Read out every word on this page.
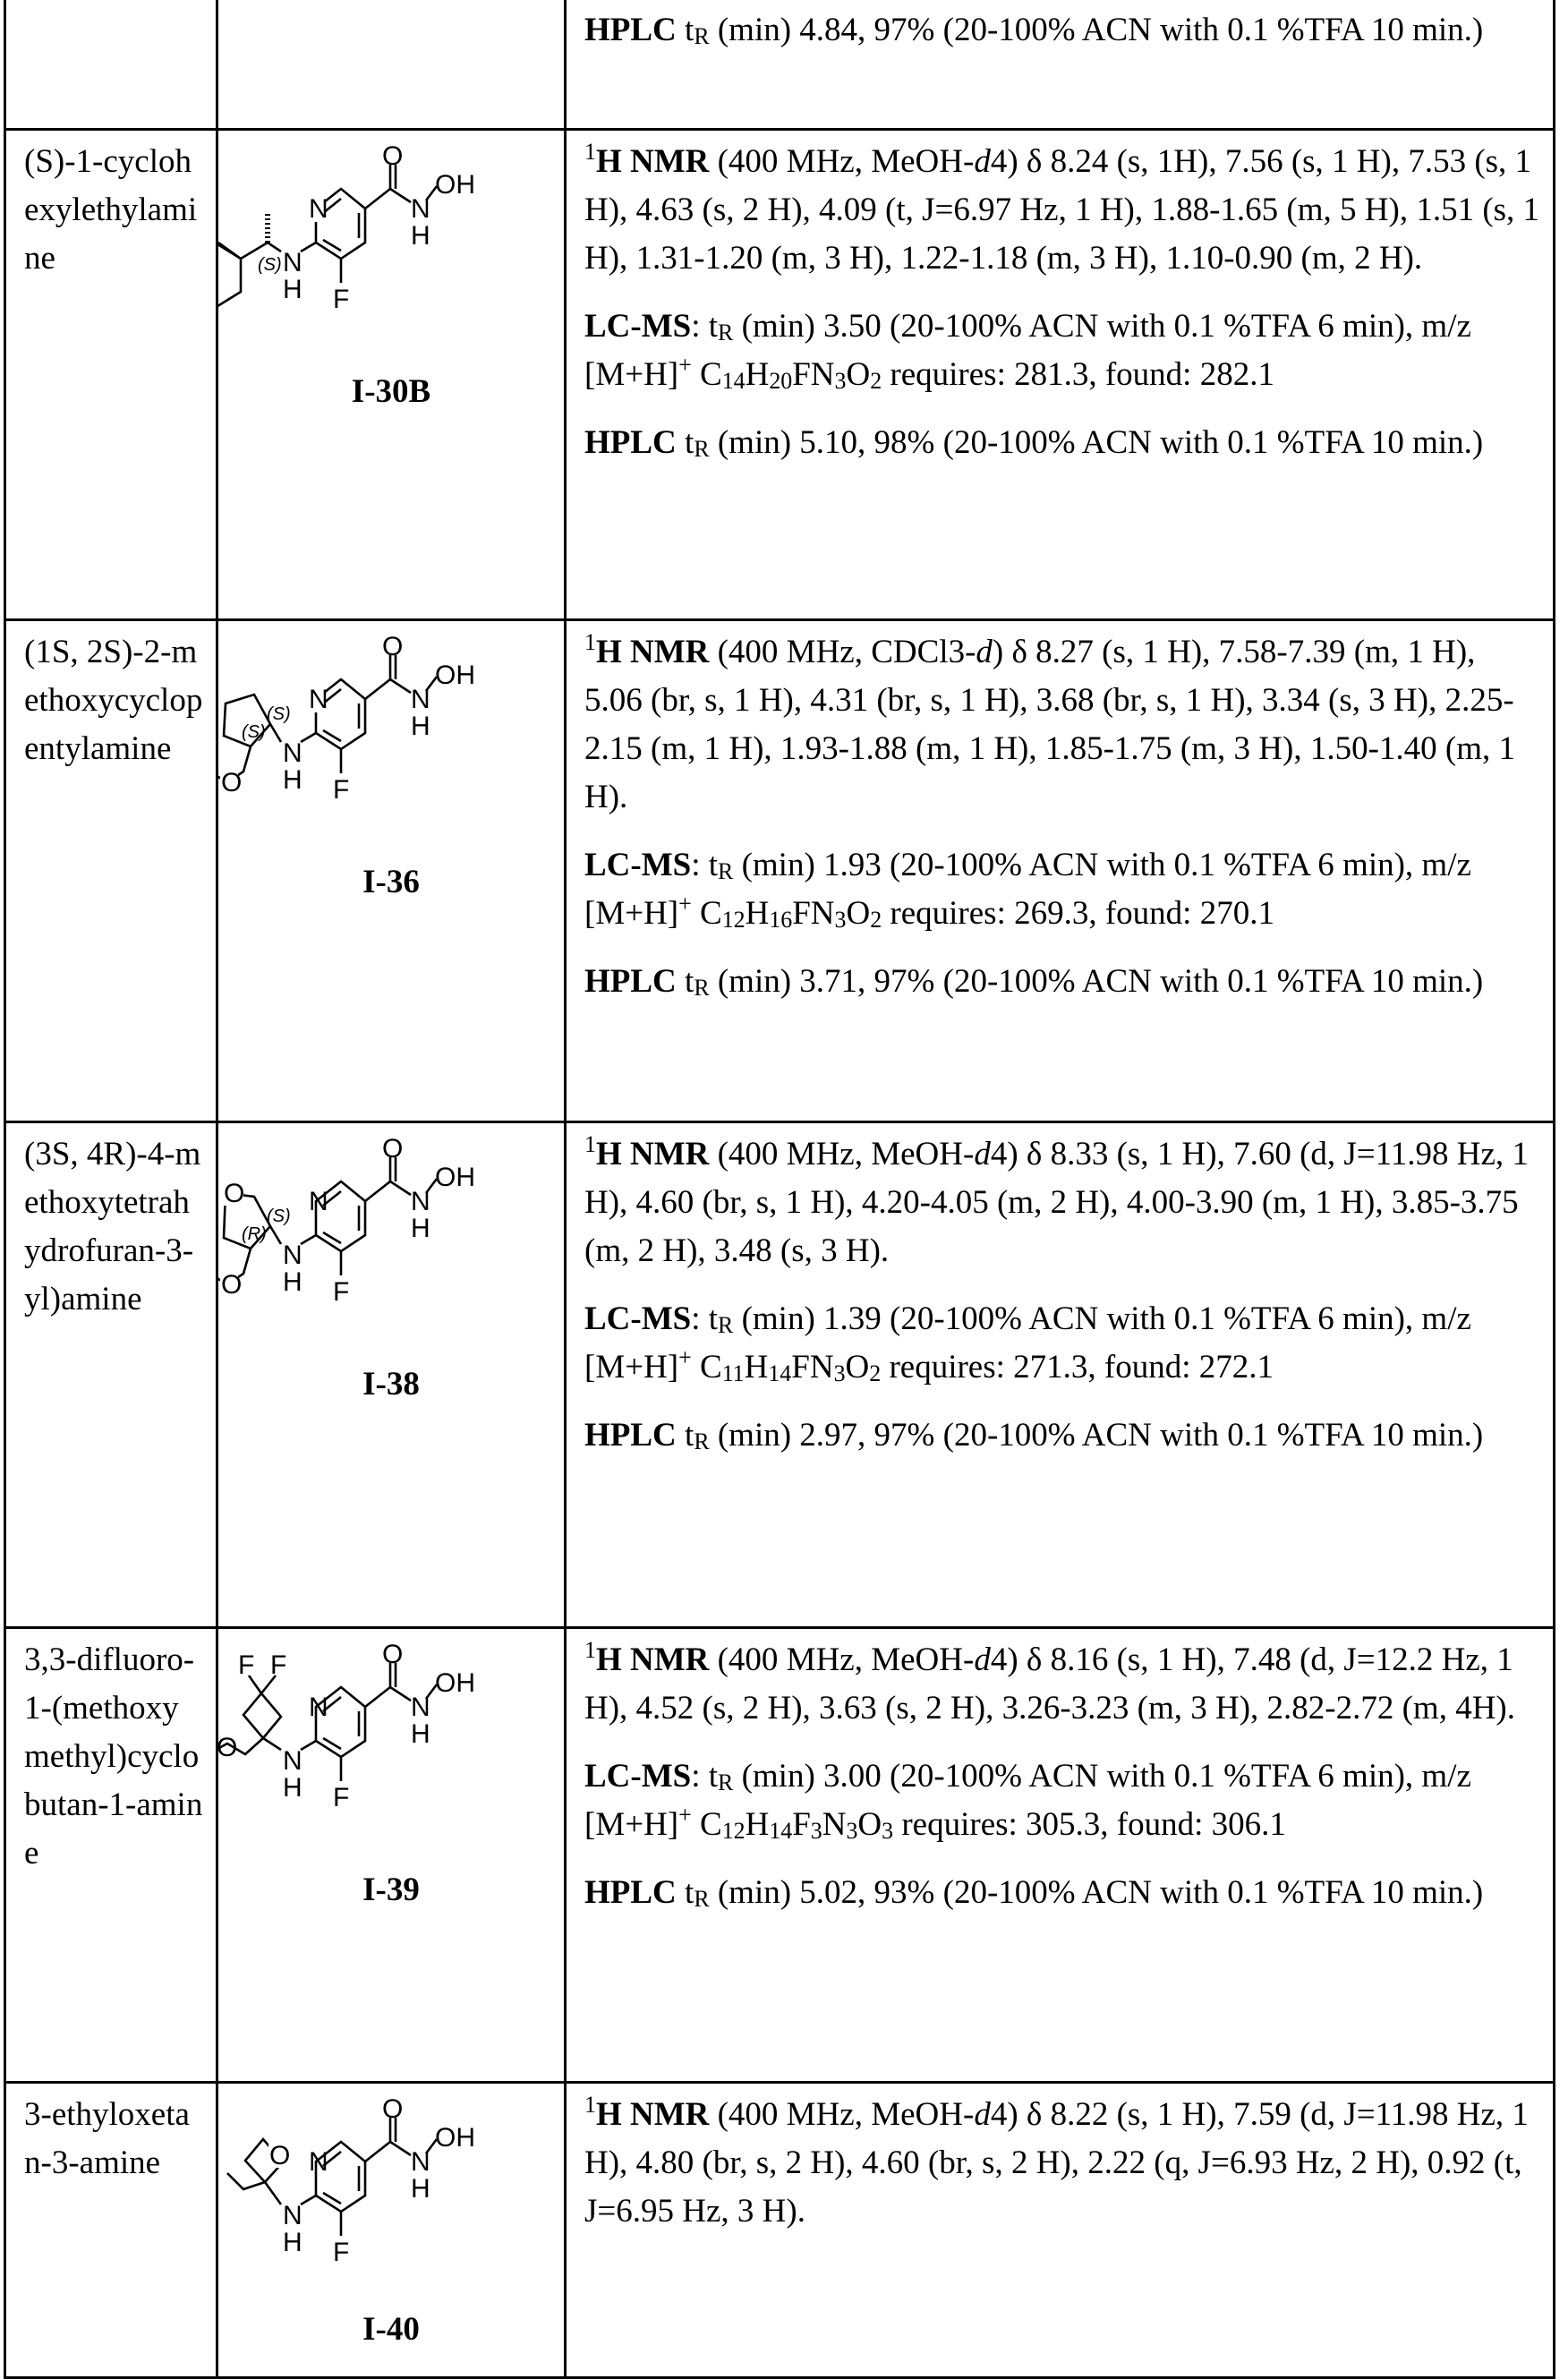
HPLC tR (min) 4.84, 97% (20-100% ACN with 0.1 %TFA 10 min.)

(S)-1-cyclohexylethylamine	
N
O
N
H
OH
F
N
H
(S)
I-30B

1H NMR (400 MHz, MeOH-d4) δ 8.24 (s, 1H), 7.56 (s, 1 H), 7.53 (s, 1 H), 4.63 (s, 2 H), 4.09 (t, J=6.97 Hz, 1 H), 1.88-1.65 (m, 5 H), 1.51 (s, 1 H), 1.31-1.20 (m, 3 H), 1.22-1.18 (m, 3 H), 1.10-0.90 (m, 2 H).
LC-MS: tR (min) 3.50 (20-100% ACN with 0.1 %TFA 6 min), m/z [M+H]+ C14H20FN3O2 requires: 281.3, found: 282.1
HPLC tR (min) 5.10, 98% (20-100% ACN with 0.1 %TFA 10 min.)

(1S, 2S)-2-methoxycyclopentylamine	
N
O
N
H
OH
F
N
H
O
(S)
(S)
I-36

1H NMR (400 MHz, CDCl3-d) δ 8.27 (s, 1 H), 7.58-7.39 (m, 1 H), 5.06 (br, s, 1 H), 4.31 (br, s, 1 H), 3.68 (br, s, 1 H), 3.34 (s, 3 H), 2.25- 2.15 (m, 1 H), 1.93-1.88 (m, 1 H), 1.85-1.75 (m, 3 H), 1.50-1.40 (m, 1 H).
LC-MS: tR (min) 1.93 (20-100% ACN with 0.1 %TFA 6 min), m/z [M+H]+ C12H16FN3O2 requires: 269.3, found: 270.1
HPLC tR (min) 3.71, 97% (20-100% ACN with 0.1 %TFA 10 min.)

(3S, 4R)-4-methoxytetrahydrofuran-3-yl)amine	
N
O
N
H
OH
F
N
H
O
O
(S)
(R)
I-38

1H NMR (400 MHz, MeOH-d4) δ 8.33 (s, 1 H), 7.60 (d, J=11.98 Hz, 1 H), 4.60 (br, s, 1 H), 4.20-4.05 (m, 2 H), 4.00-3.90 (m, 1 H), 3.85-3.75 (m, 2 H), 3.48 (s, 3 H).
LC-MS: tR (min) 1.39 (20-100% ACN with 0.1 %TFA 6 min), m/z [M+H]+ C11H14FN3O2 requires: 271.3, found: 272.1
HPLC tR (min) 2.97, 97% (20-100% ACN with 0.1 %TFA 10 min.)

3,3-difluoro-1-(methoxymethyl)cyclobutan-1-amine	
N
O
N
H
OH
F
N
H
F F
O
I-39

1H NMR (400 MHz, MeOH-d4) δ 8.16 (s, 1 H), 7.48 (d, J=12.2 Hz, 1 H), 4.52 (s, 2 H), 3.63 (s, 2 H), 3.26-3.23 (m, 3 H), 2.82-2.72 (m, 4H).
LC-MS: tR (min) 3.00 (20-100% ACN with 0.1 %TFA 6 min), m/z [M+H]+ C12H14F3N3O3 requires: 305.3, found: 306.1
HPLC tR (min) 5.02, 93% (20-100% ACN with 0.1 %TFA 10 min.)

3-ethyloxetan-3-amine	N
O
N
H
OH
F
N
H
O
I-40

1H NMR (400 MHz, MeOH-d4) δ 8.22 (s, 1 H), 7.59 (d, J=11.98 Hz, 1 H), 4.80 (br, s, 2 H), 4.60 (br, s, 2 H), 2.22 (q, J=6.93 Hz, 2 H), 0.92 (t, J=6.95 Hz, 3 H).
